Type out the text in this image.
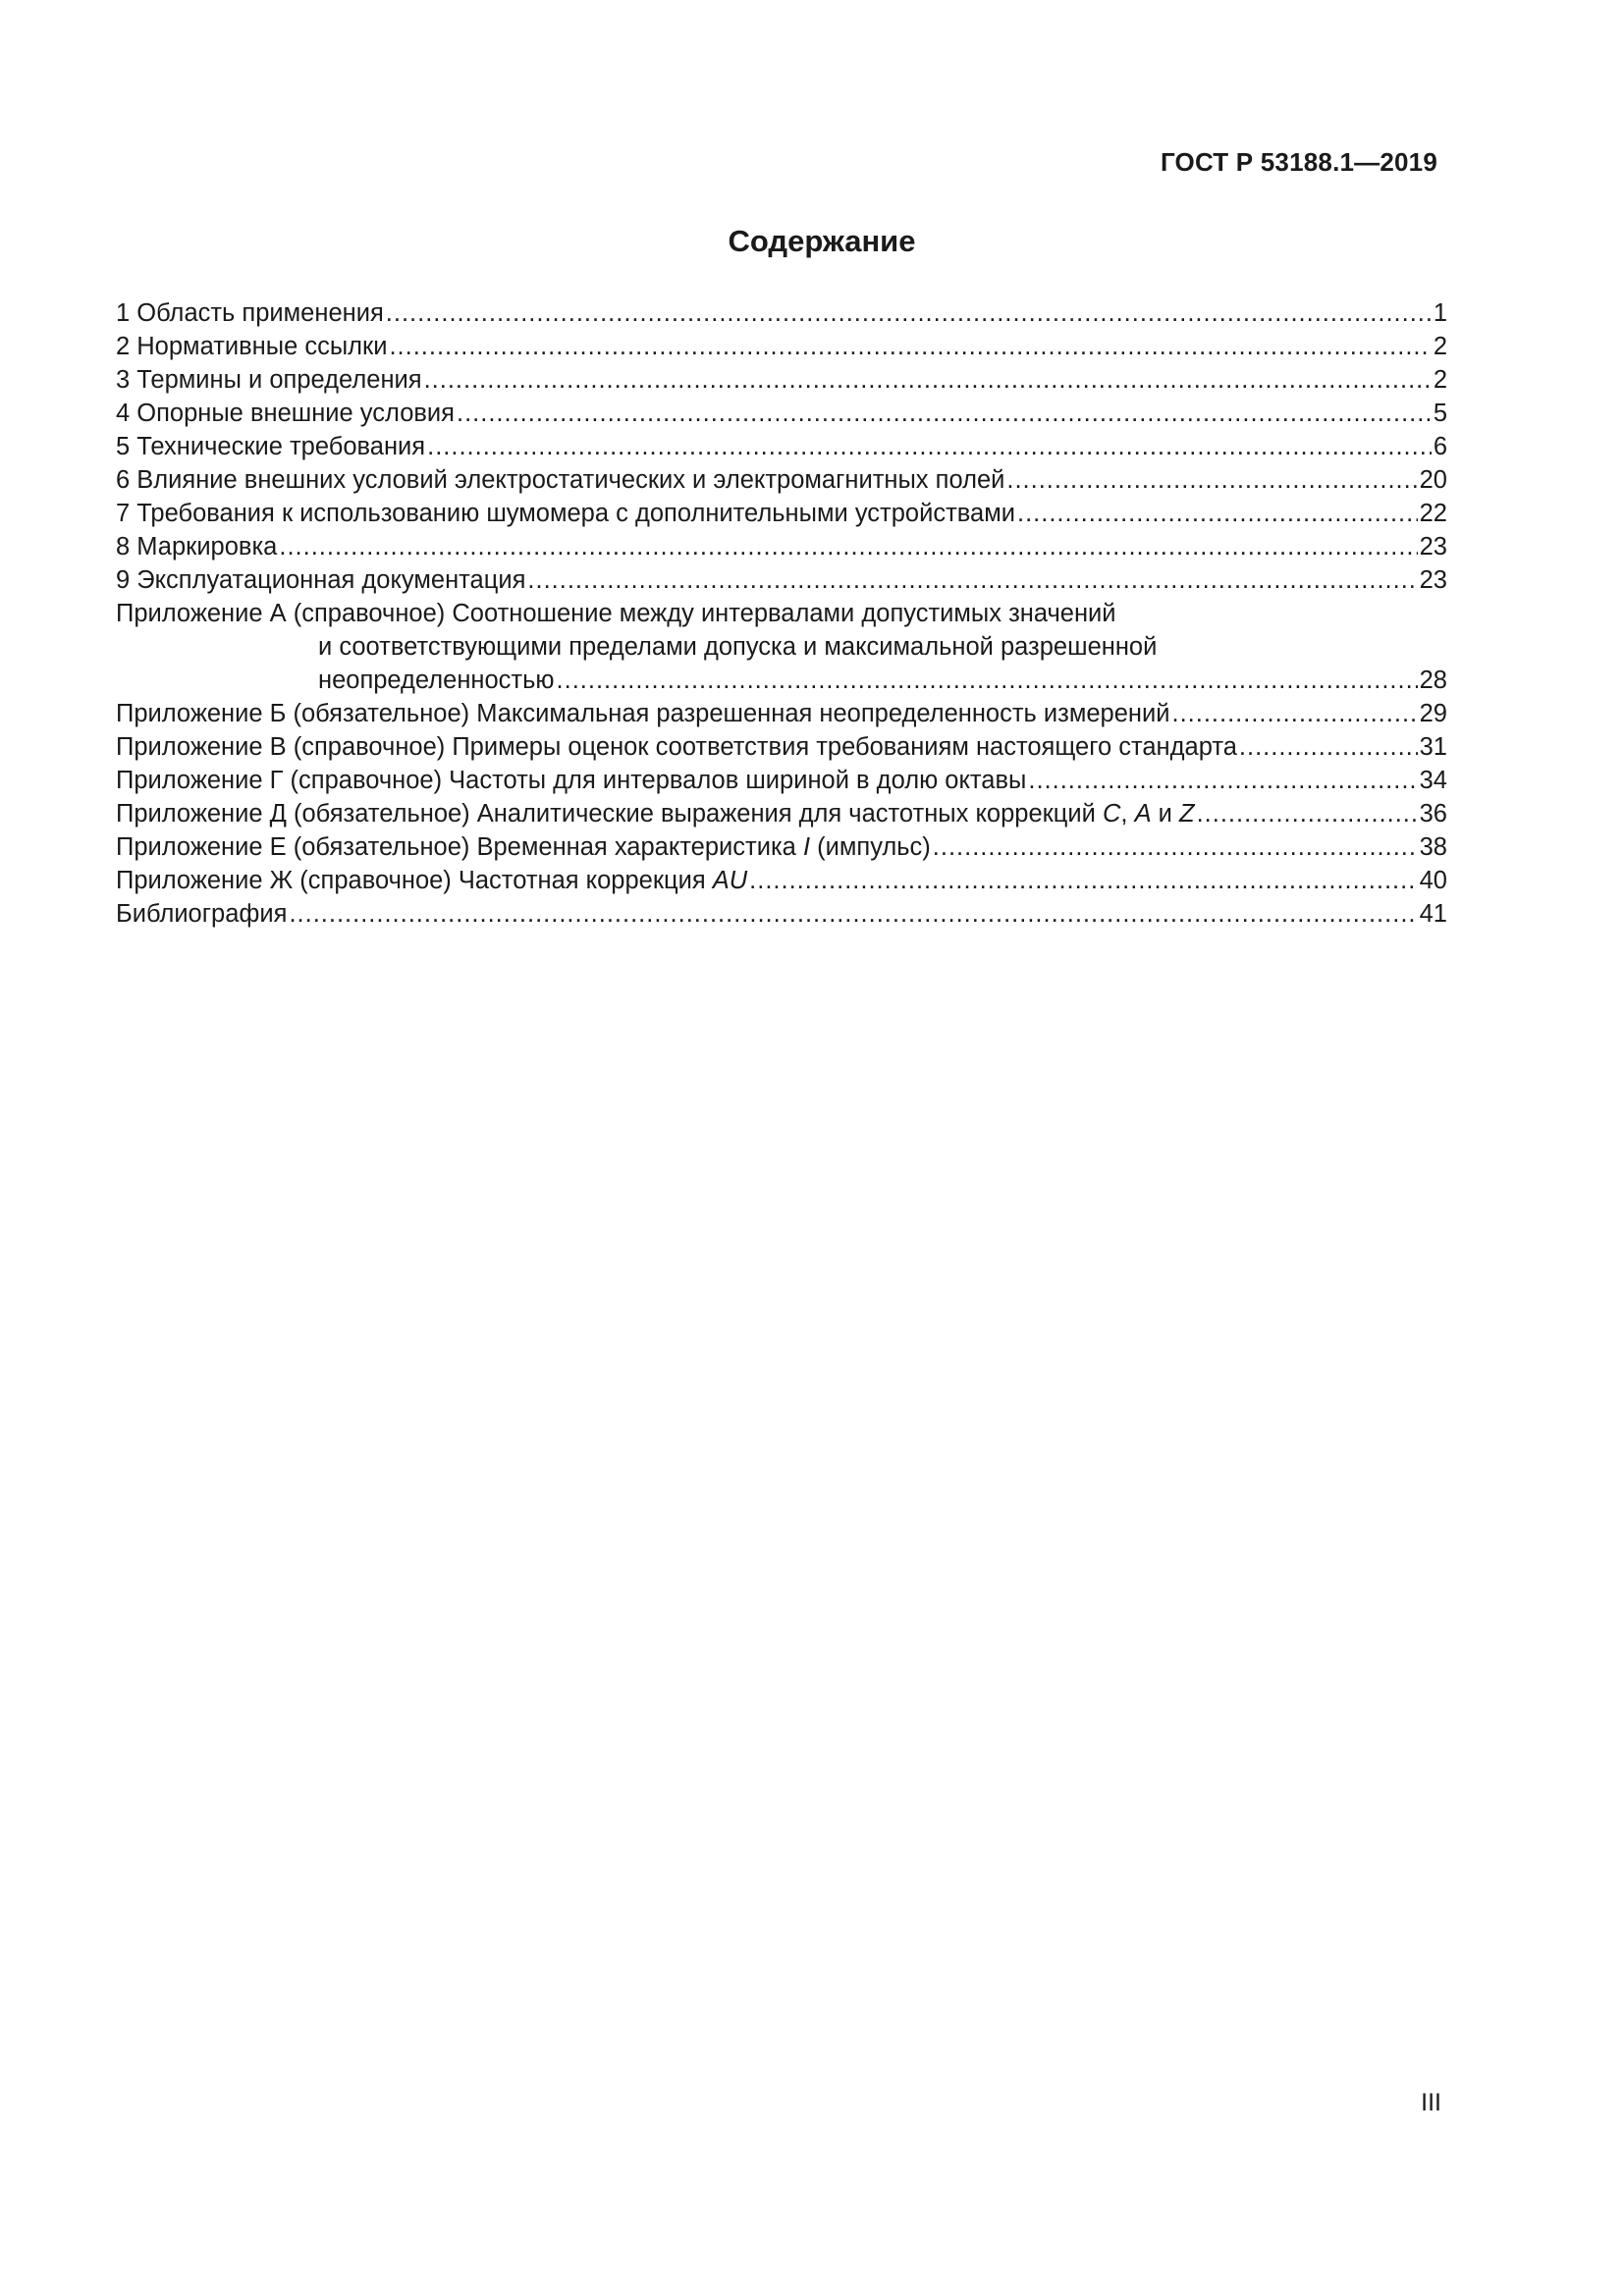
ГОСТ Р 53188.1—2019
Содержание
1 Область применения .....	1
2 Нормативные ссылки .....	2
3 Термины и определения .....	2
4 Опорные внешние условия .....	5
5 Технические требования .....	6
6 Влияние внешних условий электростатических и электромагнитных полей .....	20
7 Требования к использованию шумомера с дополнительными устройствами .....	22
8 Маркировка .....	23
9 Эксплуатационная документация .....	23
Приложение А (справочное) Соотношение между интервалами допустимых значений
и соответствующими пределами допуска и максимальной разрешенной
неопределенностью .....	28
Приложение Б (обязательное) Максимальная разрешенная неопределенность измерений .....	29
Приложение В (справочное) Примеры оценок соответствия требованиям настоящего стандарта .....	31
Приложение Г (справочное) Частоты для интервалов шириной в долю октавы .....	34
Приложение Д (обязательное) Аналитические выражения для частотных коррекций C, A и Z .....	36
Приложение Е (обязательное) Временная характеристика I (импульс) .....	38
Приложение Ж (справочное) Частотная коррекция AU .....	40
Библиография .....	41
III
